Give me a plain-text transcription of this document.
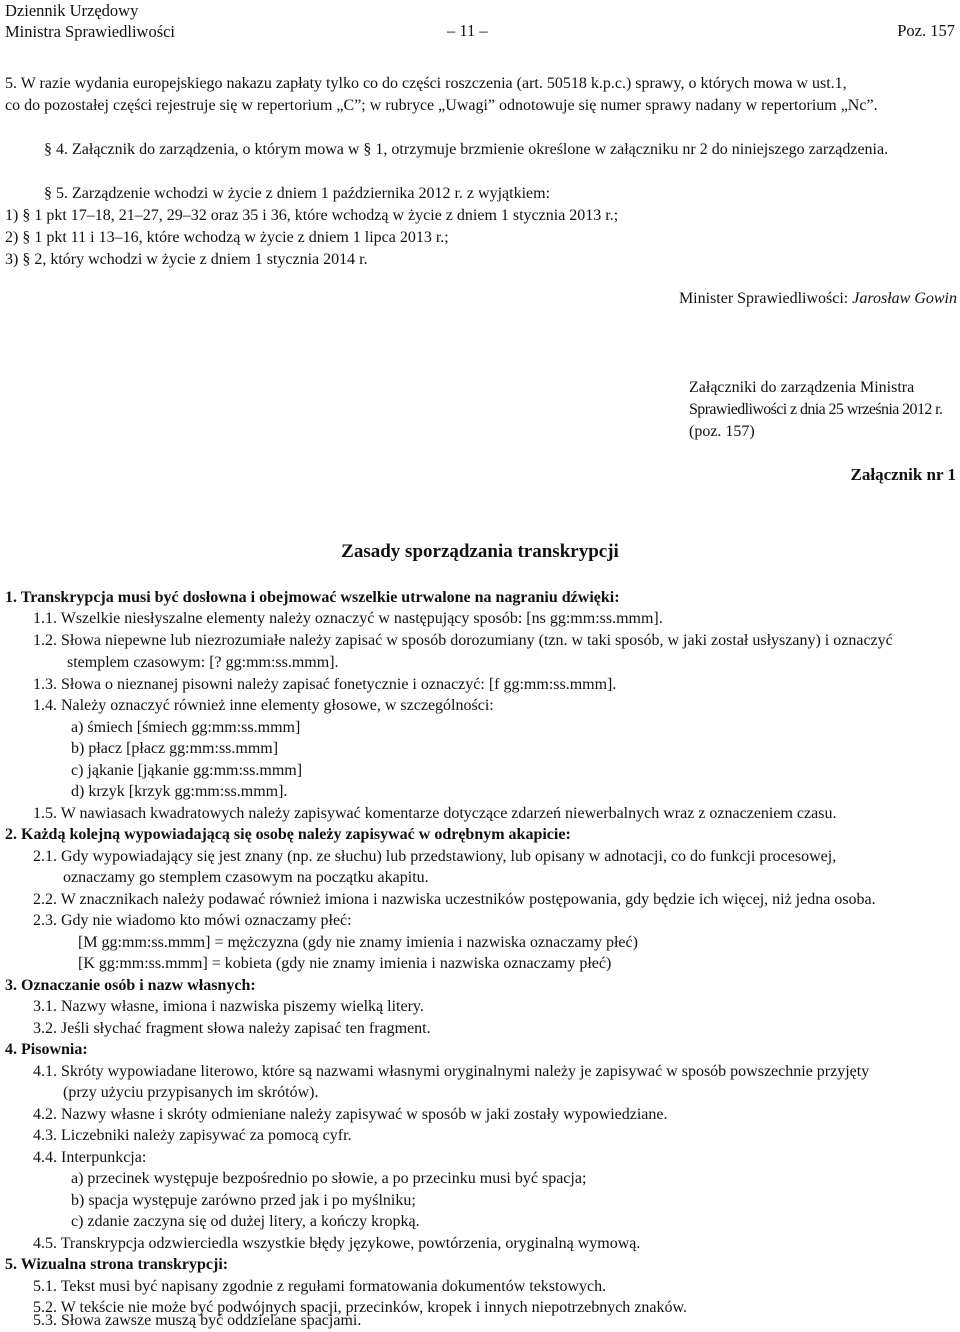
Dziennik Urzędowy
Ministra Sprawiedliwości	– 11 –	Poz. 157
5. W razie wydania europejskiego nakazu zapłaty tylko co do części roszczenia (art. 50518 k.p.c.) sprawy, o których mowa w ust.1,
co do pozostałej części rejestruje się w repertorium „C”; w rubryce „Uwagi” odnotowuje się numer sprawy nadany w repertorium „Nc”.
§ 4. Załącznik do zarządzenia, o którym mowa w § 1, otrzymuje brzmienie określone w załączniku nr 2 do niniejszego zarządzenia.
§ 5. Zarządzenie wchodzi w życie z dniem 1 października 2012 r. z wyjątkiem:
1) § 1 pkt 17–18, 21–27, 29–32 oraz 35 i 36, które wchodzą w życie z dniem 1 stycznia 2013 r.;
2) § 1 pkt 11 i 13–16, które wchodzą w życie z dniem 1 lipca 2013 r.;
3) § 2, który wchodzi w życie z dniem 1 stycznia 2014 r.
Minister Sprawiedliwości: Jarosław Gowin
Załączniki do zarządzenia Ministra
Sprawiedliwości z dnia 25 września 2012 r.
(poz. 157)
Załącznik nr 1
Zasady sporządzania transkrypcji
1. Transkrypcja musi być dosłowna i obejmować wszelkie utrwalone na nagraniu dźwięki:
1.1. Wszelkie niesłyszalne elementy należy oznaczyć w następujący sposób: [ns gg:mm:ss.mmm].
1.2. Słowa niepewne lub niezrozumiałe należy zapisać w sposób dorozumiany (tzn. w taki sposób, w jaki został usłyszany) i oznaczyć
stemplem czasowym: [? gg:mm:ss.mmm].
1.3. Słowa o nieznanej pisowni należy zapisać fonetycznie i oznaczyć: [f gg:mm:ss.mmm].
1.4. Należy oznaczyć również inne elementy głosowe, w szczególności:
a) śmiech [śmiech gg:mm:ss.mmm]
b) płacz [płacz gg:mm:ss.mmm]
c) jąkanie [jąkanie gg:mm:ss.mmm]
d) krzyk [krzyk gg:mm:ss.mmm].
1.5. W nawiasach kwadratowych należy zapisywać komentarze dotyczące zdarzeń niewerbalnych wraz z oznaczeniem czasu.
2. Każdą kolejną wypowiadającą się osobę należy zapisywać w odrębnym akapicie:
2.1. Gdy wypowiadający się jest znany (np. ze słuchu) lub przedstawiony, lub opisany w adnotacji, co do funkcji procesowej,
oznaczamy go stemplem czasowym na początku akapitu.
2.2. W znacznikach należy podawać również imiona i nazwiska uczestników postępowania, gdy będzie ich więcej, niż jedna osoba.
2.3. Gdy nie wiadomo kto mówi oznaczamy płeć:
[M gg:mm:ss.mmm] = mężczyzna (gdy nie znamy imienia i nazwiska oznaczamy płeć)
[K gg:mm:ss.mmm] = kobieta (gdy nie znamy imienia i nazwiska oznaczamy płeć)
3. Oznaczanie osób i nazw własnych:
3.1. Nazwy własne, imiona i nazwiska piszemy wielką litery.
3.2. Jeśli słychać fragment słowa należy zapisać ten fragment.
4. Pisownia:
4.1. Skróty wypowiadane literowo, które są nazwami własnymi oryginalnymi należy je zapisywać w sposób powszechnie przyjęty
(przy użyciu przypisanych im skrótów).
4.2. Nazwy własne i skróty odmieniane należy zapisywać w sposób w jaki zostały wypowiedziane.
4.3. Liczebniki należy zapisywać za pomocą cyfr.
4.4. Interpunkcja:
a) przecinek występuje bezpośrednio po słowie, a po przecinku musi być spacja;
b) spacja występuje zarówno przed jak i po myślniku;
c) zdanie zaczyna się od dużej litery, a kończy kropką.
4.5. Transkrypcja odzwierciedla wszystkie błędy językowe, powtórzenia, oryginalną wymową.
5. Wizualna strona transkrypcji:
5.1. Tekst musi być napisany zgodnie z regułami formatowania dokumentów tekstowych.
5.2. W tekście nie może być podwójnych spacji, przecinków, kropek i innych niepotrzebnych znaków.
5.3. Słowa zawsze muszą być oddzielane spacjami.
